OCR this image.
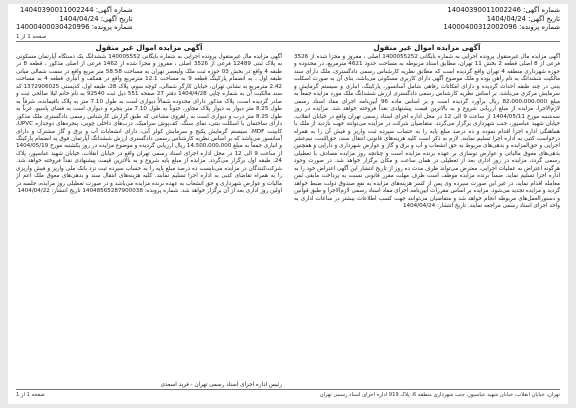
شماره آگهی:14040390011002244
تاریخ آگهی:1404/04/24
شماره پرونده:14000400030420996
شماره آگهی:14040390011002246
تاریخ آگهی:1404/04/24
شماره پرونده:14000400312002096
صفحه 1 از 1
آگهی مزایده اموال غیر منقول

آگهی مزایده مال غیرمنقول پرونده اجرایی به شماره بایگانی 1400055252 اصلی ، مفروز و مجزا شده از 3526 فرعی از 8 اصلی قطعه 2 بخش 11 تهران، مطابق اسناد مربوطه به مساحت حدود 4621 مترمربع، در محدوده و حوزه شهرداری منطقه 4 تهران واقع گردیده است که مطابق نظریه کارشناس رسمی دادگستری، ملک دارای سند مالکیت ششدانگ به نام راهن بوده و ملک موضوع آگهی دارای کاربری مسکونی می‌باشد، بنای آن به صورت اسکلت بتنی در چند طبقه احداث گردیده و دارای امکانات رفاهی شامل آسانسور، پارکینگ، انباری و سیستم گرمایش و سرمایش مرکزی می‌باشد. بر اساس نظریه کارشناس رسمی دادگستری ارزش ششدانگ ملک مورد مزایده جمعاً به مبلغ 82،000،000،000 ریال برآورد گردیده است و بر اساس ماده 96 آیین‌نامه اجرای مفاد اسناد رسمی لازم‌الاجرا، مزایده از مبلغ ارزیابی شروع و به بالاترین قیمت پیشنهادی نقداً فروخته خواهد شد. مزایده در روز سه‌شنبه مورخ 1404/05/11 از ساعت 9 الی 12 در محل اداره اجرای اسناد رسمی تهران واقع در خیابان انقلاب، خیابان شهید عباسپور، جنب شهرداری برگزار می‌گردد. متقاضیان شرکت در مزایده می‌توانند جهت بازدید از ملک با هماهنگی اداره اجرا اقدام نموده و ده درصد مبلغ پایه را به حساب سپرده ثبت واریز و فیش آن را به همراه درخواست کتبی به اداره اجرا تسلیم نمایند. لازم به ذکر است کلیه هزینه‌های قانونی انتقال سند، حق‌الثبت، نیم‌عشر اجرایی و حق‌المزایده و بدهی‌های مربوط به حق انشعاب و آب و برق و گاز و عوارض شهرداری و دارایی و همچنین بدهی‌های معوق مالیاتی و عوارض نوسازی بر عهده برنده مزایده است و چنانچه روز مزایده مصادف با تعطیلی رسمی گردد، مزایده در روز اداری بعد از تعطیلی در همان ساعت و مکان برگزار خواهد شد. در صورت وجود هرگونه اعتراض به عملیات اجرایی، معترض می‌تواند ظرف مدت ده روز از تاریخ انتشار این آگهی اعتراض خود را به اداره اجرا تسلیم نماید. ضمناً برنده مزایده موظف است ظرف مهلت مقرر قانونی نسبت به پرداخت مابقی ثمن معامله اقدام نماید، در غیر این صورت سپرده وی پس از کسر هزینه‌های مزایده به نفع صندوق دولت ضبط خواهد گردید و مزایده تجدید می‌شود. مزایده بر اساس مقررات آیین‌نامه اجرای مفاد اسناد رسمی لازم‌الاجرا و طبق قوانین و دستورالعمل‌های مربوطه انجام خواهد شد و متقاضیان می‌توانند جهت کسب اطلاعات بیشتر در ساعات اداری به واحد اجرای اسناد رسمی مراجعه نمایند. تاریخ انتشار: 1404/04/24

آگهی مزایده اموال غیر منقول

آگهی مزایده مال غیرمنقول پرونده اجرایی به شماره بایگانی 140005552 ششدانگ یک دستگاه آپارتمان مسکونی به پلاک ثبتی 12489 فرعی از 3526 اصلی ، مفروز و مجزا شده از 1462 فرعی از اصلی مذکور ، قطعه 8 در طبقه 4 واقع در بخش 03 حوزه ثبت ملک ولیعصر تهران به مساحت 58.58 متر مربع واقع در سمت شمالی میانی طبقه اول ، به انضمام پارکینگ قطعه 9 به مساحت 12.1 مترمربع واقع در همکف و انباری قطعه 4 به مساحت 2.42 مترمربع به نشانی تهران، خیابان کارگر شمالی، کوچه سوم، پلاک 28، طبقه اول، کدپستی 1372906025 که سند مالکیت آن به شماره چاپی 1404/4/28 دفتر 27 صفحه 551 ذیل ثبت 92540 به نام خانم لیلا صالحی ثبت و صادر گردیده است، پلاک مذکور دارای محدوده شمالاً دیواری است به طول 7.10 متر به پلاک باقیمانده، شرقاً به طول 8.25 متر دیوار به دیوار پلاک مجاور، جنوباً به طول 7.10 متر پنجره و دیواری است به فضای پاسیو، غرباً به طول 8.25 متر درب و دیواری است به راهروی مشاعی که طبق گزارش کارشناس رسمی دادگستری ملک مذکور دارای ساختمان با اسکلت بتنی، نمای سنگ، کف‌پوش سرامیک، درب‌های داخلی چوبی، پنجره‌های دوجداره UPVC، کابینت MDF، سیستم گرمایش پکیج و سرمایش کولر آبی، دارای انشعابات آب و برق و گاز مشترک و دارای آسانسور می‌باشد که بر اساس نظریه کارشناس رسمی دادگستری ارزش ششدانگ آپارتمان فوق به انضمام پارکینگ و انباری جمعاً به مبلغ 14،500،000،000 ریال ارزیابی گردیده و موضوع مزایده در روز یکشنبه مورخ 1404/05/19 از ساعت 9 الی 12 در محل اداره اجرای اسناد رسمی تهران واقع در خیابان انقلاب، خیابان شهید عباسپور، پلاک 24، طبقه اول برگزار می‌گردد. مزایده از مبلغ پایه شروع و به بالاترین قیمت پیشنهادی نقداً فروخته خواهد شد. شرکت‌کنندگان در مزایده می‌بایست ده درصد مبلغ پایه را به حساب سپرده ثبت نزد بانک ملی واریز و فیش واریزی را به همراه تقاضای کتبی به اداره اجرا تسلیم نمایند. کلیه هزینه‌های انتقال سند و بدهی‌های معوق ملک اعم از مالیات و عوارض شهرداری و حق انشعاب به عهده برنده مزایده می‌باشد و در صورت تعطیلی روز مزایده، جلسه در اولین روز اداری بعد از آن برگزار خواهد شد. شماره پرونده: 14048565287900038 تاریخ انتشار: 1404/04/22

رئیس اداره اجرای اسناد رسمی تهران - فرید اسعدی
صفحه 1 از 1	تهران، خیابان انقلاب، خیابان شهید عباسپور، جنب شهرداری منطقه 6، پلاک 919 اداره اجرای اسناد رسمی تهران
